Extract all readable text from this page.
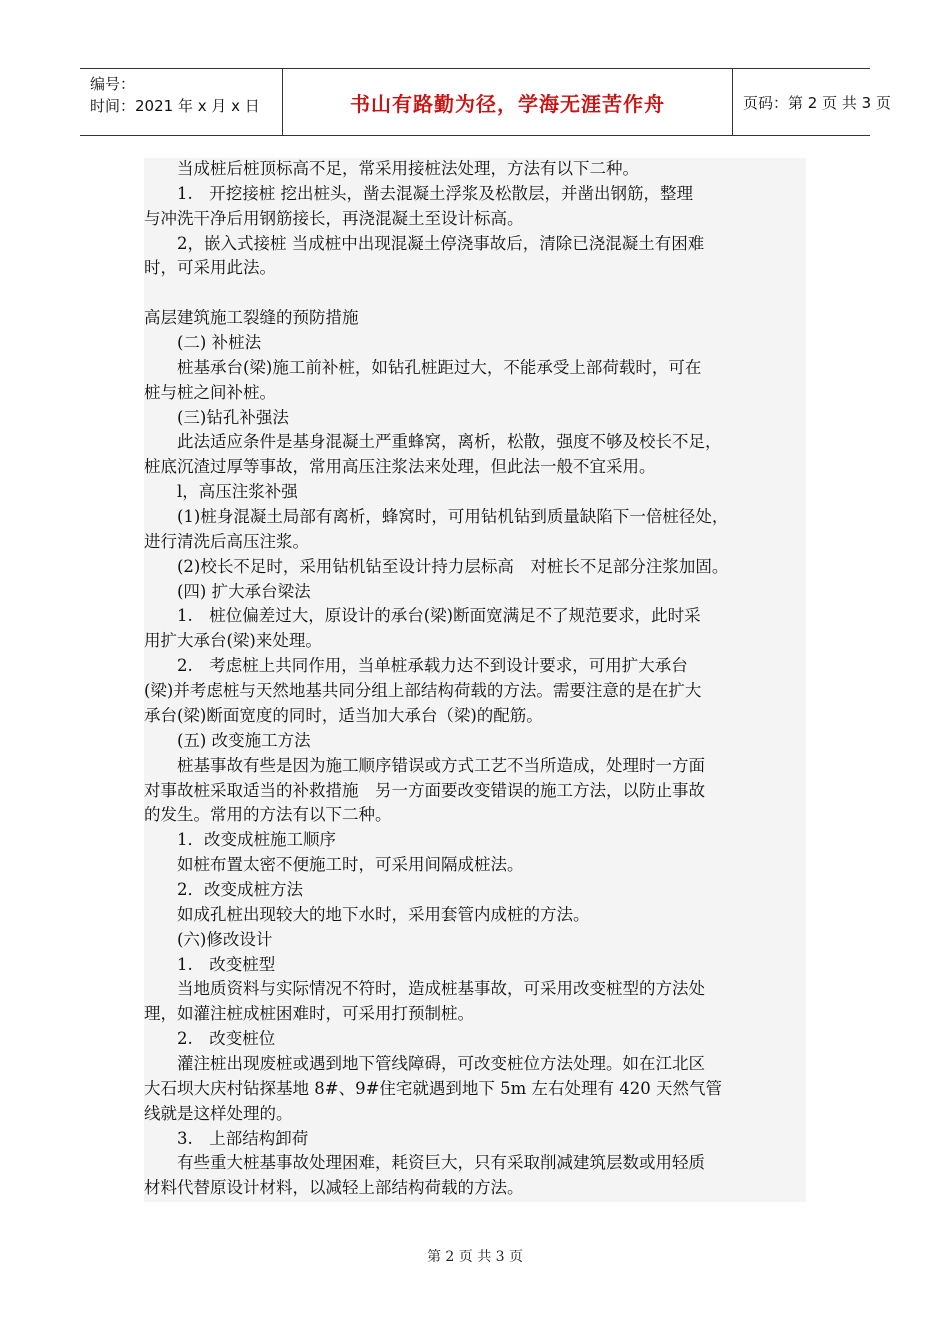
编号：
时间：2021 年 x 月 x 日	书山有路勤为径，学海无涯苦作舟	页码：第 2 页 共 3 页
　　当成桩后桩顶标高不足，常采用接桩法处理，方法有以下二种。
　　1.　开挖接桩 挖出桩头，凿去混凝土浮浆及松散层，并凿出钢筋，整理
与冲洗干净后用钢筋接长，再浇混凝土至设计标高。
　　2，嵌入式接桩 当成桩中出现混凝土停浇事故后，清除已浇混凝土有困难
时，可采用此法。
高层建筑施工裂缝的预防措施
　　(二) 补桩法
　　桩基承台(梁)施工前补桩，如钻孔桩距过大，不能承受上部荷载时，可在
桩与桩之间补桩。
　　(三)钻孔补强法
　　此法适应条件是基身混凝土严重蜂窝，离析，松散，强度不够及校长不足，
桩底沉渣过厚等事故，常用高压注浆法来处理，但此法一般不宜采用。
　　l，高压注浆补强
　　(1)桩身混凝土局部有离析，蜂窝时，可用钻机钻到质量缺陷下一倍桩径处，
进行清洗后高压注浆。
　　(2)校长不足时，采用钻机钻至设计持力层标高　对桩长不足部分注浆加固。
　　(四) 扩大承台梁法
　　1.　桩位偏差过大，原设计的承台(梁)断面宽满足不了规范要求，此时采
用扩大承台(梁)来处理。
　　2.　考虑桩上共同作用，当单桩承载力达不到设计要求，可用扩大承台
(梁)并考虑桩与天然地基共同分组上部结构荷载的方法。需要注意的是在扩大
承台(梁)断面宽度的同时，适当加大承台（梁)的配筋。
　　(五) 改变施工方法
　　桩基事故有些是因为施工顺序错误或方式工艺不当所造成，处理时一方面
对事故桩采取适当的补救措施　另一方面要改变错误的施工方法，以防止事故
的发生。常用的方法有以下二种。
　　1．改变成桩施工顺序
　　如桩布置太密不便施工时，可采用间隔成桩法。
　　2．改变成桩方法
　　如成孔桩出现较大的地下水时，采用套管内成桩的方法。
　　(六)修改设计
　　1.　改变桩型
　　当地质资料与实际情况不符时，造成桩基事故，可采用改变桩型的方法处
理，如灌注桩成桩困难时，可采用打预制桩。
　　2.　改变桩位
　　灌注桩出现废桩或遇到地下管线障碍，可改变桩位方法处理。如在江北区
大石坝大庆村钻探基地 8#、9#住宅就遇到地下 5m 左右处理有 420 天然气管
线就是这样处理的。
　　3.　上部结构卸荷
　　有些重大桩基事故处理困难，耗资巨大，只有采取削减建筑层数或用轻质
材料代替原设计材料，以减轻上部结构荷载的方法。
第 2 页 共 3 页
